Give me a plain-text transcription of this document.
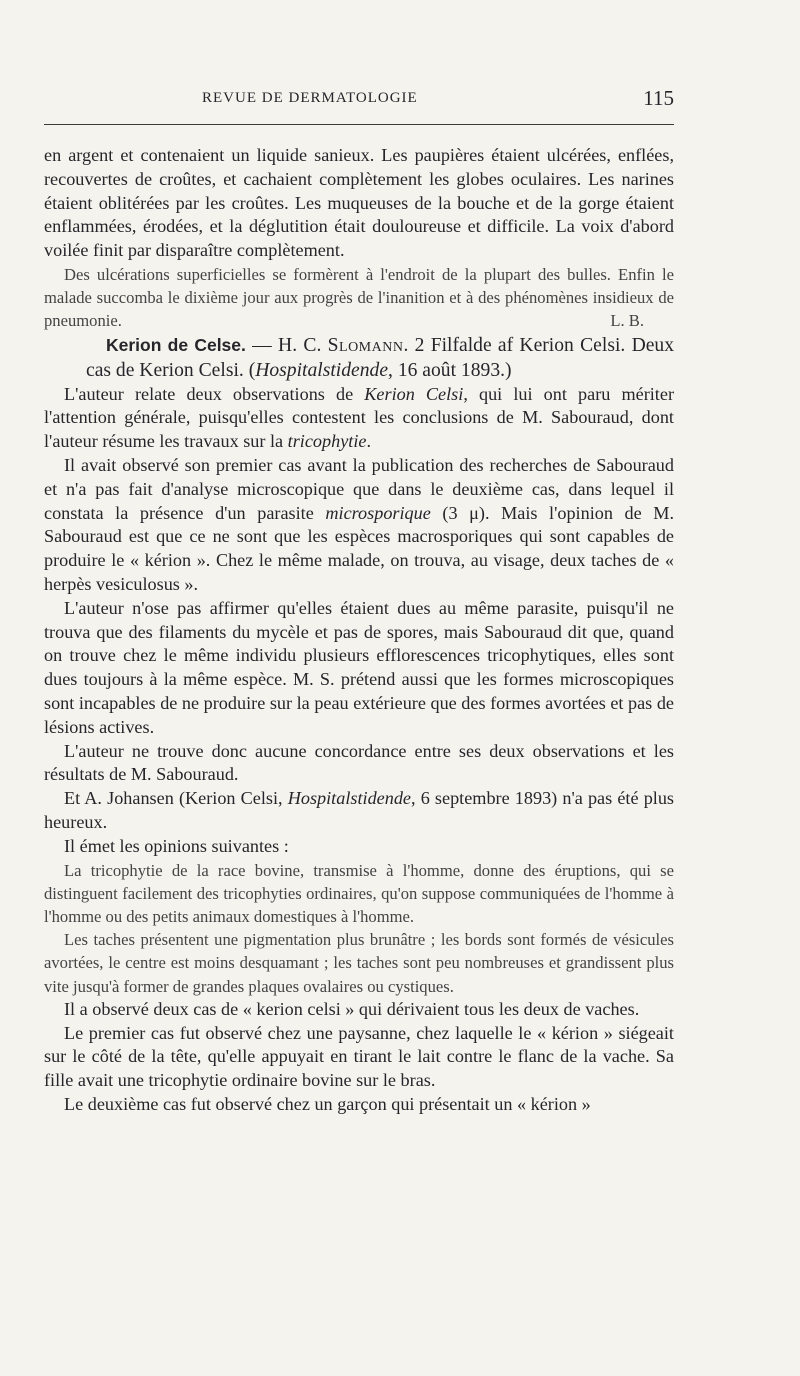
REVUE DE DERMATOLOGIE	115

en argent et contenaient un liquide sanieux. Les paupières étaient ulcérées, enflées, recouvertes de croûtes, et cachaient complètement les globes oculaires. Les narines étaient oblitérées par les croûtes. Les muqueuses de la bouche et de la gorge étaient enflammées, érodées, et la déglutition était douloureuse et difficile. La voix d'abord voilée finit par disparaître complètement.

Des ulcérations superficielles se formèrent à l'endroit de la plupart des bulles. Enfin le malade succomba le dixième jour aux progrès de l'inanition et à des phénomènes insidieux de pneumonie.	L. B.

Kerion de Celse. — H. C. Slomann. 2 Filfalde af Kerion Celsi. Deux cas de Kerion Celsi. (Hospitalstidende, 16 août 1893.)

L'auteur relate deux observations de Kerion Celsi, qui lui ont paru mériter l'attention générale, puisqu'elles contestent les conclusions de M. Sabouraud, dont l'auteur résume les travaux sur la tricophytie.

Il avait observé son premier cas avant la publication des recherches de Sabouraud et n'a pas fait d'analyse microscopique que dans le deuxième cas, dans lequel il constata la présence d'un parasite microsporique (3 μ). Mais l'opinion de M. Sabouraud est que ce ne sont que les espèces macrosporiques qui sont capables de produire le « kérion ». Chez le même malade, on trouva, au visage, deux taches de « herpès vesiculosus ».

L'auteur n'ose pas affirmer qu'elles étaient dues au même parasite, puisqu'il ne trouva que des filaments du mycèle et pas de spores, mais Sabouraud dit que, quand on trouve chez le même individu plusieurs efflorescences tricophytiques, elles sont dues toujours à la même espèce. M. S. prétend aussi que les formes microscopiques sont incapables de ne produire sur la peau extérieure que des formes avortées et pas de lésions actives.

L'auteur ne trouve donc aucune concordance entre ses deux observations et les résultats de M. Sabouraud.

Et A. Johansen (Kerion Celsi, Hospitalstidende, 6 septembre 1893) n'a pas été plus heureux.

Il émet les opinions suivantes :

La tricophytie de la race bovine, transmise à l'homme, donne des éruptions, qui se distinguent facilement des tricophyties ordinaires, qu'on suppose communiquées de l'homme à l'homme ou des petits animaux domestiques à l'homme.

Les taches présentent une pigmentation plus brunâtre ; les bords sont formés de vésicules avortées, le centre est moins desquamant ; les taches sont peu nombreuses et grandissent plus vite jusqu'à former de grandes plaques ovalaires ou cystiques.

Il a observé deux cas de « kerion celsi » qui dérivaient tous les deux de vaches.

Le premier cas fut observé chez une paysanne, chez laquelle le « kérion » siégeait sur le côté de la tête, qu'elle appuyait en tirant le lait contre le flanc de la vache. Sa fille avait une tricophytie ordinaire bovine sur le bras.

Le deuxième cas fut observé chez un garçon qui présentait un « kérion »
